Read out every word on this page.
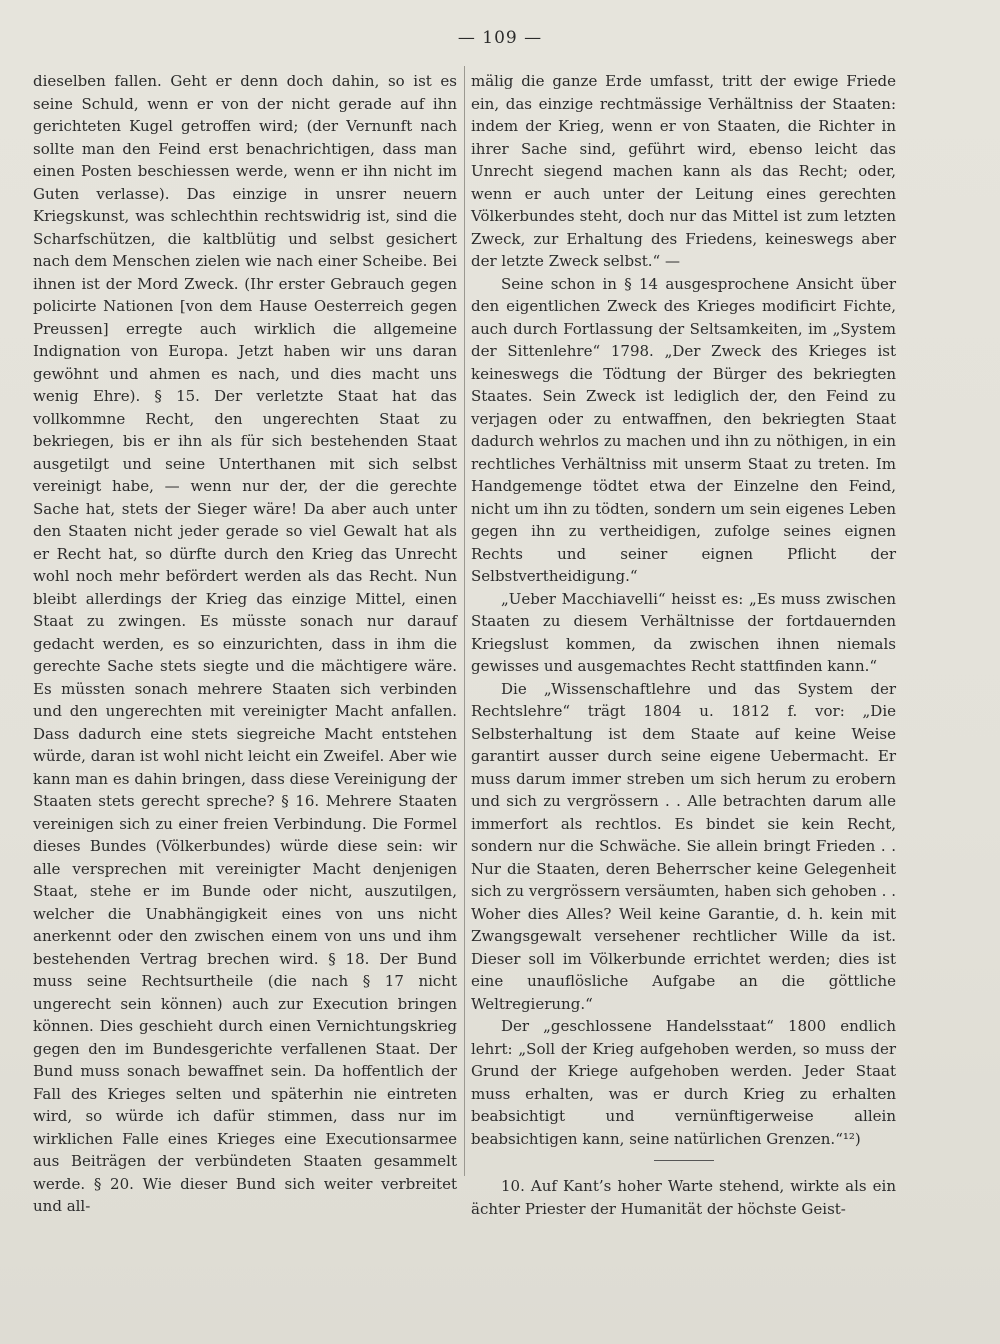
— 109 —

dieselben fallen. Geht er denn doch dahin, so ist es seine Schuld, wenn er von der nicht gerade auf ihn gerichteten Kugel getroffen wird; (der Vernunft nach sollte man den Feind erst benachrichtigen, dass man einen Posten beschiessen werde, wenn er ihn nicht im Guten verlasse). Das einzige in unsrer neuern Kriegskunst, was schlechthin rechtswidrig ist, sind die Scharfschützen, die kaltblütig und selbst gesichert nach dem Menschen zielen wie nach einer Scheibe. Bei ihnen ist der Mord Zweck. (Ihr erster Gebrauch gegen policirte Nationen [von dem Hause Oesterreich gegen Preussen] erregte auch wirklich die allgemeine Indignation von Europa. Jetzt haben wir uns daran gewöhnt und ahmen es nach, und dies macht uns wenig Ehre). § 15. Der verletzte Staat hat das vollkommne Recht, den ungerechten Staat zu bekriegen, bis er ihn als für sich bestehenden Staat ausgetilgt und seine Unterthanen mit sich selbst vereinigt habe, — wenn nur der, der die gerechte Sache hat, stets der Sieger wäre! Da aber auch unter den Staaten nicht jeder gerade so viel Gewalt hat als er Recht hat, so dürfte durch den Krieg das Unrecht wohl noch mehr befördert werden als das Recht. Nun bleibt allerdings der Krieg das einzige Mittel, einen Staat zu zwingen. Es müsste sonach nur darauf gedacht werden, es so einzurichten, dass in ihm die gerechte Sache stets siegte und die mächtigere wäre. Es müssten sonach mehrere Staaten sich verbinden und den ungerechten mit vereinigter Macht anfallen. Dass dadurch eine stets siegreiche Macht entstehen würde, daran ist wohl nicht leicht ein Zweifel. Aber wie kann man es dahin bringen, dass diese Vereinigung der Staaten stets gerecht spreche? § 16. Mehrere Staaten vereinigen sich zu einer freien Verbindung. Die Formel dieses Bundes (Völkerbundes) würde diese sein: wir alle versprechen mit vereinigter Macht denjenigen Staat, stehe er im Bunde oder nicht, auszutilgen, welcher die Unabhängigkeit eines von uns nicht anerkennt oder den zwischen einem von uns und ihm bestehenden Vertrag brechen wird. § 18. Der Bund muss seine Rechtsurtheile (die nach § 17 nicht ungerecht sein können) auch zur Execution bringen können. Dies geschieht durch einen Vernichtungskrieg gegen den im Bundesgerichte verfallenen Staat. Der Bund muss sonach bewaffnet sein. Da hoffentlich der Fall des Krieges selten und späterhin nie eintreten wird, so würde ich dafür stimmen, dass nur im wirklichen Falle eines Krieges eine Executionsarmee aus Beiträgen der verbündeten Staaten gesammelt werde. § 20. Wie dieser Bund sich weiter verbreitet und all-

mälig die ganze Erde umfasst, tritt der ewige Friede ein, das einzige rechtmässige Verhältniss der Staaten: indem der Krieg, wenn er von Staaten, die Richter in ihrer Sache sind, geführt wird, ebenso leicht das Unrecht siegend machen kann als das Recht; oder, wenn er auch unter der Leitung eines gerechten Völkerbundes steht, doch nur das Mittel ist zum letzten Zweck, zur Erhaltung des Friedens, keineswegs aber der letzte Zweck selbst.“ —

Seine schon in § 14 ausgesprochene Ansicht über den eigentlichen Zweck des Krieges modificirt Fichte, auch durch Fortlassung der Seltsamkeiten, im „System der Sittenlehre“ 1798. „Der Zweck des Krieges ist keineswegs die Tödtung der Bürger des bekriegten Staates. Sein Zweck ist lediglich der, den Feind zu verjagen oder zu entwaffnen, den bekriegten Staat dadurch wehrlos zu machen und ihn zu nöthigen, in ein rechtliches Verhältniss mit unserm Staat zu treten. Im Handgemenge tödtet etwa der Einzelne den Feind, nicht um ihn zu tödten, sondern um sein eigenes Leben gegen ihn zu vertheidigen, zufolge seines eignen Rechts und seiner eignen Pflicht der Selbstvertheidigung.“

„Ueber Macchiavelli“ heisst es: „Es muss zwischen Staaten zu diesem Verhältnisse der fortdauernden Kriegslust kommen, da zwischen ihnen niemals gewisses und ausgemachtes Recht stattfinden kann.“

Die „Wissenschaftlehre und das System der Rechtslehre“ trägt 1804 u. 1812 f. vor: „Die Selbsterhaltung ist dem Staate auf keine Weise garantirt ausser durch seine eigene Uebermacht. Er muss darum immer streben um sich herum zu erobern und sich zu vergrössern . . Alle betrachten darum alle immerfort als rechtlos. Es bindet sie kein Recht, sondern nur die Schwäche. Sie allein bringt Frieden . . Nur die Staaten, deren Beherrscher keine Gelegenheit sich zu vergrössern versäumten, haben sich gehoben . . Woher dies Alles? Weil keine Garantie, d. h. kein mit Zwangsgewalt versehener rechtlicher Wille da ist. Dieser soll im Völkerbunde errichtet werden; dies ist eine unauflösliche Aufgabe an die göttliche Weltregierung.“

Der „geschlossene Handelsstaat“ 1800 endlich lehrt: „Soll der Krieg aufgehoben werden, so muss der Grund der Kriege aufgehoben werden. Jeder Staat muss erhalten, was er durch Krieg zu erhalten beabsichtigt und vernünftigerweise allein beabsichtigen kann, seine natürlichen Grenzen.“¹²)

10. Auf Kant’s hoher Warte stehend, wirkte als ein ächter Priester der Humanität der höchste Geist-
